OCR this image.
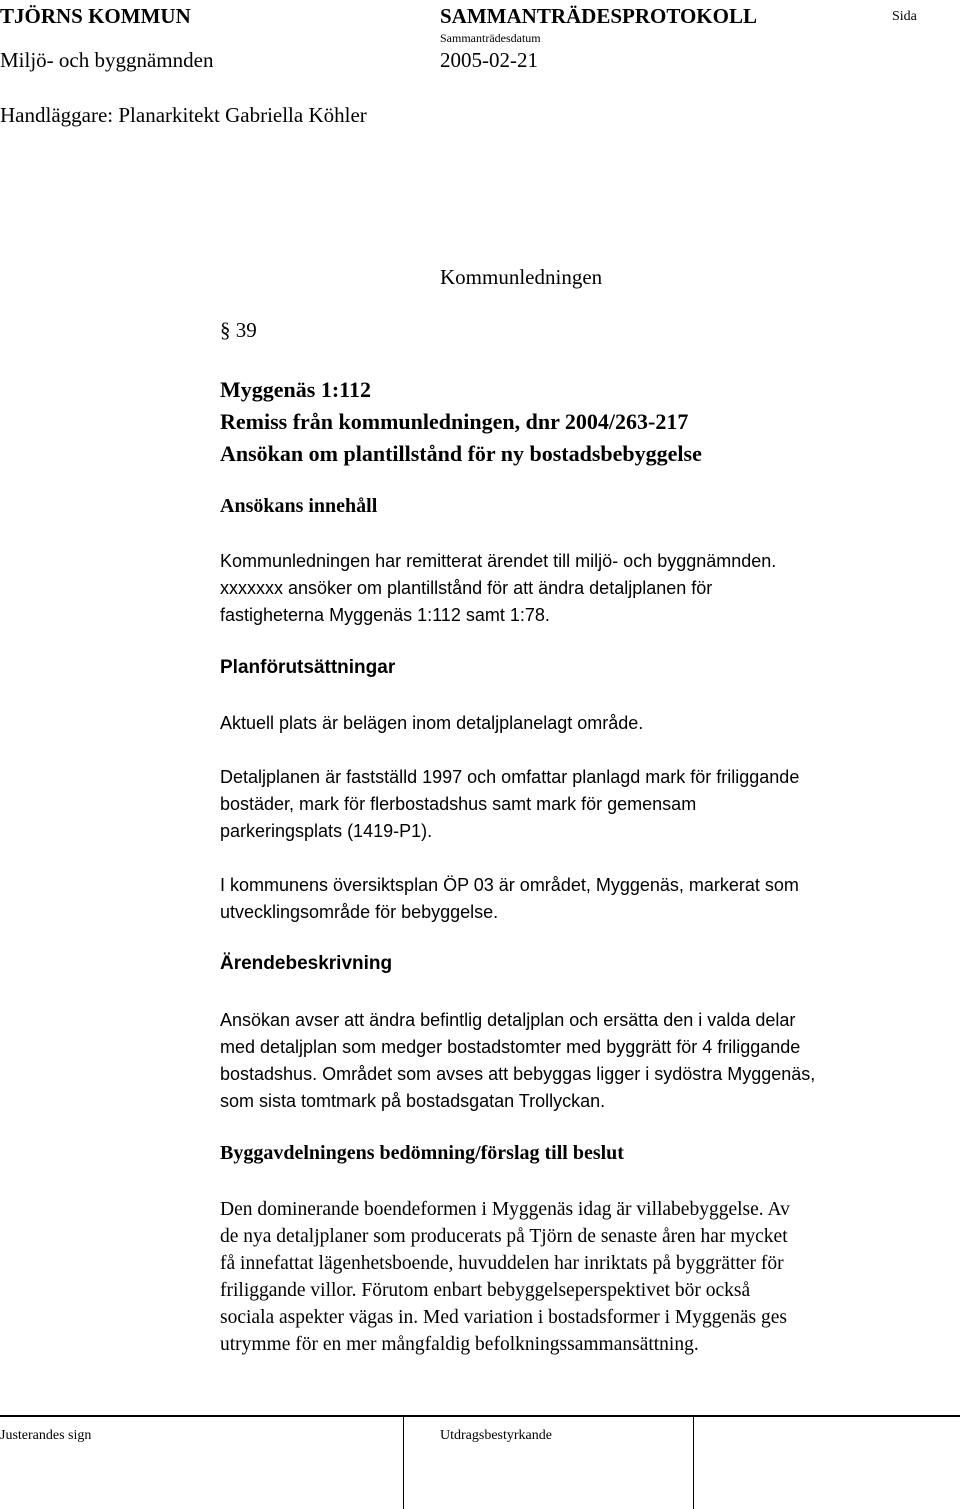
TJÖRNS KOMMUN	SAMMANTRÄDESPROTOKOLL	Sida
Sammanträdesdatum
Miljö- och byggnämnden	2005-02-21
Handläggare: Planarkitekt Gabriella Köhler
Kommunledningen
§ 39
Myggenäs 1:112
Remiss från kommunledningen, dnr 2004/263-217
Ansökan om plantillstånd för ny bostadsbebyggelse
Ansökans innehåll
Kommunledningen har remitterat ärendet till miljö- och byggnämnden.
xxxxxxx ansöker om plantillstånd för att ändra detaljplanen för
fastigheterna Myggenäs 1:112 samt 1:78.
Planförutsättningar
Aktuell plats är belägen inom detaljplanelagt område.
Detaljplanen är fastställd 1997 och omfattar planlagd mark för friliggande
bostäder, mark för flerbostadshus samt mark för gemensam
parkeringsplats (1419-P1).
I kommunens översiktsplan ÖP 03 är området, Myggenäs, markerat som
utvecklingsområde för bebyggelse.
Ärendebeskrivning
Ansökan avser att ändra befintlig detaljplan och ersätta den i valda delar
med detaljplan som medger bostadstomter med byggrätt för 4 friliggande
bostadshus. Området som avses att bebyggas ligger i sydöstra Myggenäs,
som sista tomtmark på bostadsgatan Trollyckan.
Byggavdelningens bedömning/förslag till beslut
Den dominerande boendeformen i Myggenäs idag är villabebyggelse. Av
de nya detaljplaner som producerats på Tjörn de senaste åren har mycket
få innefattat lägenhetsboende, huvuddelen har inriktats på byggrätter för
friliggande villor. Förutom enbart bebyggelseperspektivet bör också
sociala aspekter vägas in. Med variation i bostadsformer i Myggenäs ges
utrymme för en mer mångfaldig befolkningssammansättning.
Justerandes sign	Utdragsbestyrkande
